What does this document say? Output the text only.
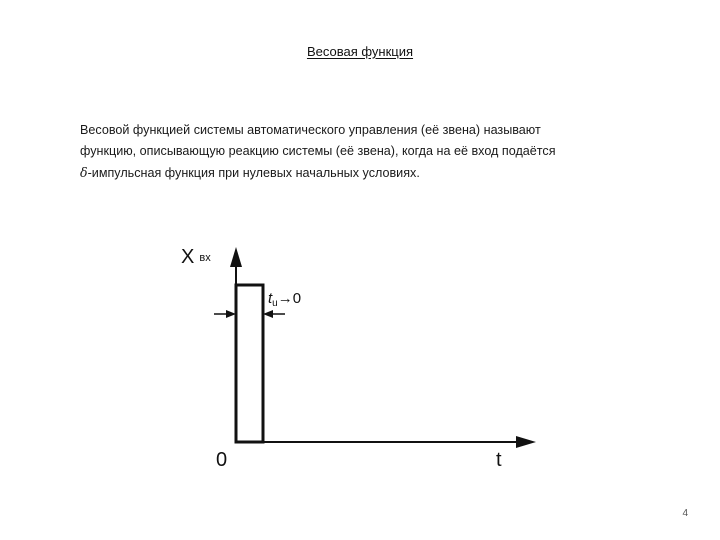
Весовая функция
Весовой функцией системы автоматического управления (её звена) называют
функцию, описывающую реакцию системы (её звена), когда на её вход подаётся
δ-импульсная функция при нулевых начальных условиях.
Xвх
$t_u\to 0$
0	t
4
